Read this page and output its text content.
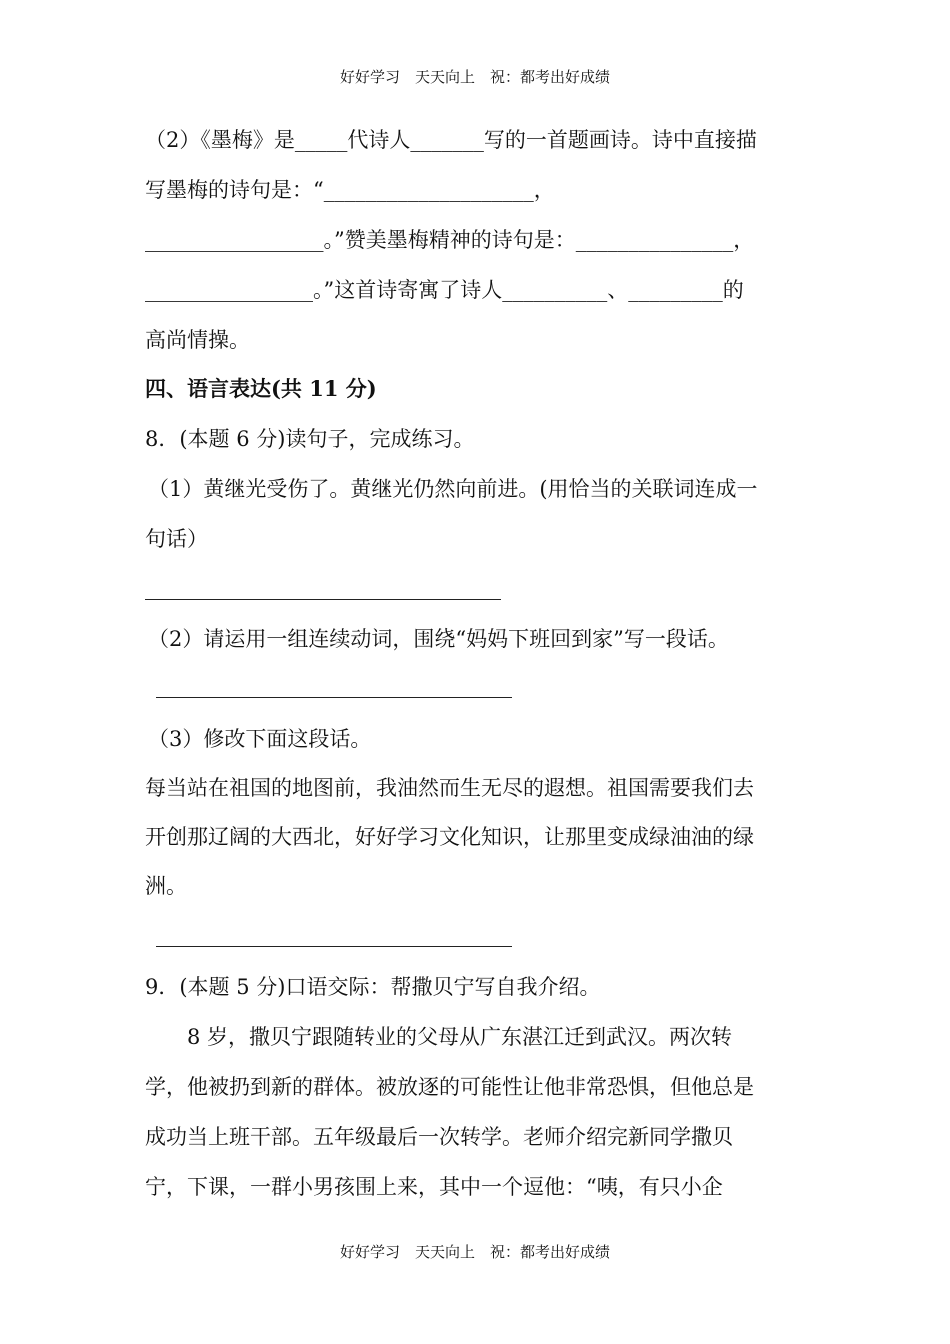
好好学习　天天向上　祝：都考出好成绩
（2）《墨梅》是_____代诗人_______写的一首题画诗。诗中直接描
写墨梅的诗句是：“____________________，
_________________。”赞美墨梅精神的诗句是：_______________，
________________。”这首诗寄寓了诗人__________、_________的
高尚情操。
四、语言表达(共 11 分)
8．(本题 6 分)读句子，完成练习。
（1）黄继光受伤了。黄继光仍然向前进。(用恰当的关联词连成一
句话）
（2）请运用一组连续动词，围绕“妈妈下班回到家”写一段话。
（3）修改下面这段话。
每当站在祖国的地图前，我油然而生无尽的遐想。祖国需要我们去
开创那辽阔的大西北，好好学习文化知识，让那里变成绿油油的绿
洲。
9．(本题 5 分)口语交际：帮撒贝宁写自我介绍。
8 岁，撒贝宁跟随转业的父母从广东湛江迁到武汉。两次转
学，他被扔到新的群体。被放逐的可能性让他非常恐惧，但他总是
成功当上班干部。五年级最后一次转学。老师介绍完新同学撒贝
宁，下课，一群小男孩围上来，其中一个逗他：“咦，有只小企
好好学习　天天向上　祝：都考出好成绩
